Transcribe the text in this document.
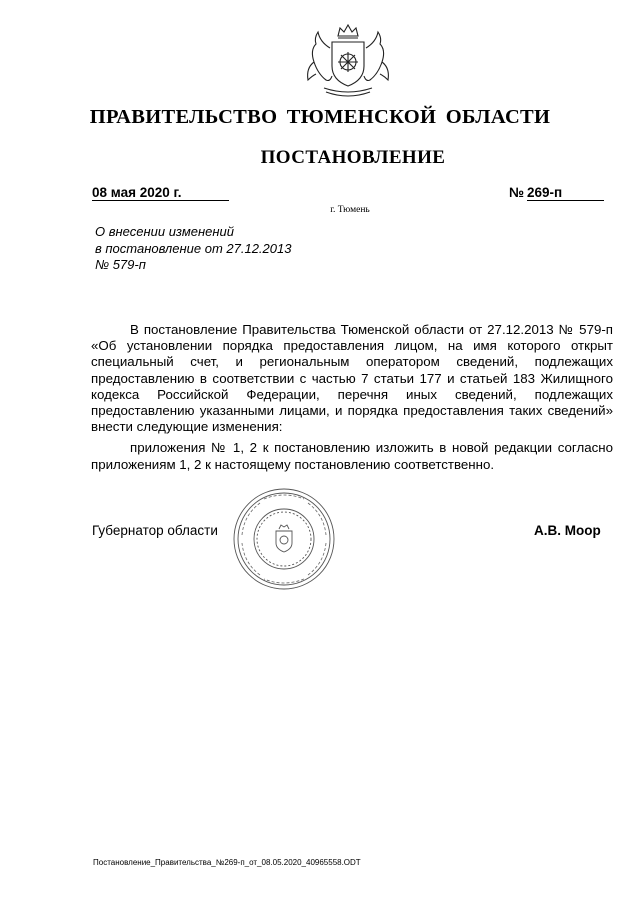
ПРАВИТЕЛЬСТВО ТЮМЕНСКОЙ ОБЛАСТИ
ПОСТАНОВЛЕНИЕ
08 мая 2020 г.	№ 269-п
г. Тюмень
О внесении изменений
в постановление от 27.12.2013
№ 579-п

В постановление Правительства Тюменской области от 27.12.2013 № 579-п «Об установлении порядка предоставления лицом, на имя которого открыт специальный счет, и региональным оператором сведений, подлежащих предоставлению в соответствии с частью 7 статьи 177 и статьей 183 Жилищного кодекса Российской Федерации, перечня иных сведений, подлежащих предоставлению указанными лицами, и порядка предоставления таких сведений» внести следующие изменения:

приложения № 1, 2 к постановлению изложить в новой редакции согласно приложениям 1, 2 к настоящему постановлению соответственно.

Губернатор области	А.В. Моор
Постановление_Правительства_№269-п_от_08.05.2020_40965558.ODT
